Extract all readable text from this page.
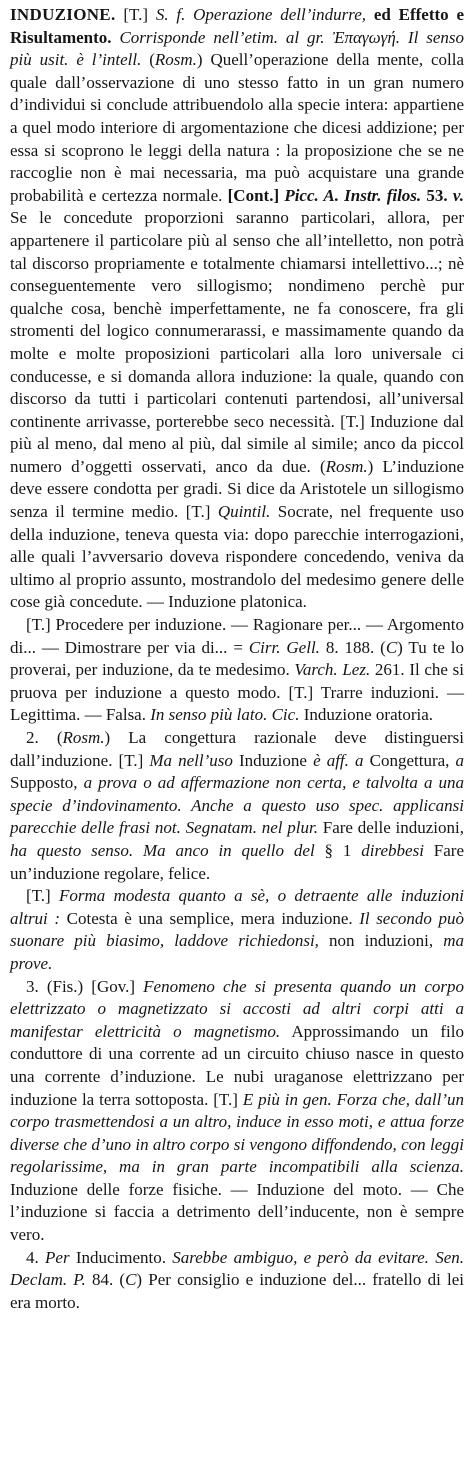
INDUZIONE. [T.] S. f. Operazione dell’indurre, ed Effetto e Risultamento. Corrisponde nell’etim. al gr. Ἐπαγωγή. Il senso più usit. è l’intell. (Rosm.) Quell’operazione della mente, colla quale dall’osservazione di uno stesso fatto in un gran numero d’individui si conclude attribuendolo alla specie intera: appartiene a quel modo interiore di argomentazione che dicesi addizione; per essa si scoprono le leggi della natura : la proposizione che se ne raccoglie non è mai necessaria, ma può acquistare una grande probabilità e certezza normale. [Cont.] Picc. A. Instr. filos. 53. v. Se le concedute proporzioni saranno particolari, allora, per appartenere il particolare più al senso che all’intelletto, non potrà tal discorso propriamente e totalmente chiamarsi intellettivo...; nè conseguentemente vero sillogismo; nondimeno perchè pur qualche cosa, benchè imperfettamente, ne fa conoscere, fra gli stromenti del logico connumerarassi, e massimamente quando da molte e molte proposizioni particolari alla loro universale ci conducesse, e si domanda allora induzione: la quale, quando con discorso da tutti i particolari contenuti partendosi, all’universal continente arrivasse, porterebbe seco necessità. [T.] Induzione dal più al meno, dal meno al più, dal simile al simile; anco da piccol numero d’oggetti osservati, anco da due. (Rosm.) L’induzione deve essere condotta per gradi. Si dice da Aristotele un sillogismo senza il termine medio. [T.] Quintil. Socrate, nel frequente uso della induzione, teneva questa via: dopo parecchie interrogazioni, alle quali l’avversario doveva rispondere concedendo, veniva da ultimo al proprio assunto, mostrandolo del medesimo genere delle cose già concedute. — Induzione platonica.

[T.] Procedere per induzione. — Ragionare per... — Argomento di... — Dimostrare per via di... = Cirr. Gell. 8. 188. (C) Tu te lo proverai, per induzione, da te medesimo. Varch. Lez. 261. Il che si pruova per induzione a questo modo. [T.] Trarre induzioni. — Legittima. — Falsa. In senso più lato. Cic. Induzione oratoria.

2. (Rosm.) La congettura razionale deve distinguersi dall’induzione. [T.] Ma nell’uso Induzione è aff. a Congettura, a Supposto, a prova o ad affermazione non certa, e talvolta a una specie d’indovinamento. Anche a questo uso spec. applicansi parecchie delle frasi not. Segnatam. nel plur. Fare delle induzioni, ha questo senso. Ma anco in quello del § 1 direbbesi Fare un’induzione regolare, felice.

[T.] Forma modesta quanto a sè, o detraente alle induzioni altrui : Cotesta è una semplice, mera induzione. Il secondo può suonare più biasimo, laddove richiedonsi, non induzioni, ma prove.

3. (Fis.) [Gov.] Fenomeno che si presenta quando un corpo elettrizzato o magnetizzato si accosti ad altri corpi atti a manifestar elettricità o magnetismo. Approssimando un filo conduttore di una corrente ad un circuito chiuso nasce in questo una corrente d’induzione. Le nubi uraganose elettrizzano per induzione la terra sottoposta. [T.] E più in gen. Forza che, dall’un corpo trasmettendosi a un altro, induce in esso moti, e attua forze diverse che d’uno in altro corpo si vengono diffondendo, con leggi regolarissime, ma in gran parte incompatibili alla scienza. Induzione delle forze fisiche. — Induzione del moto. — Che l’induzione si faccia a detrimento dell’inducente, non è sempre vero.

4. Per Inducimento. Sarebbe ambiguo, e però da evitare. Sen. Declam. P. 84. (C) Per consiglio e induzione del... fratello di lei era morto.
